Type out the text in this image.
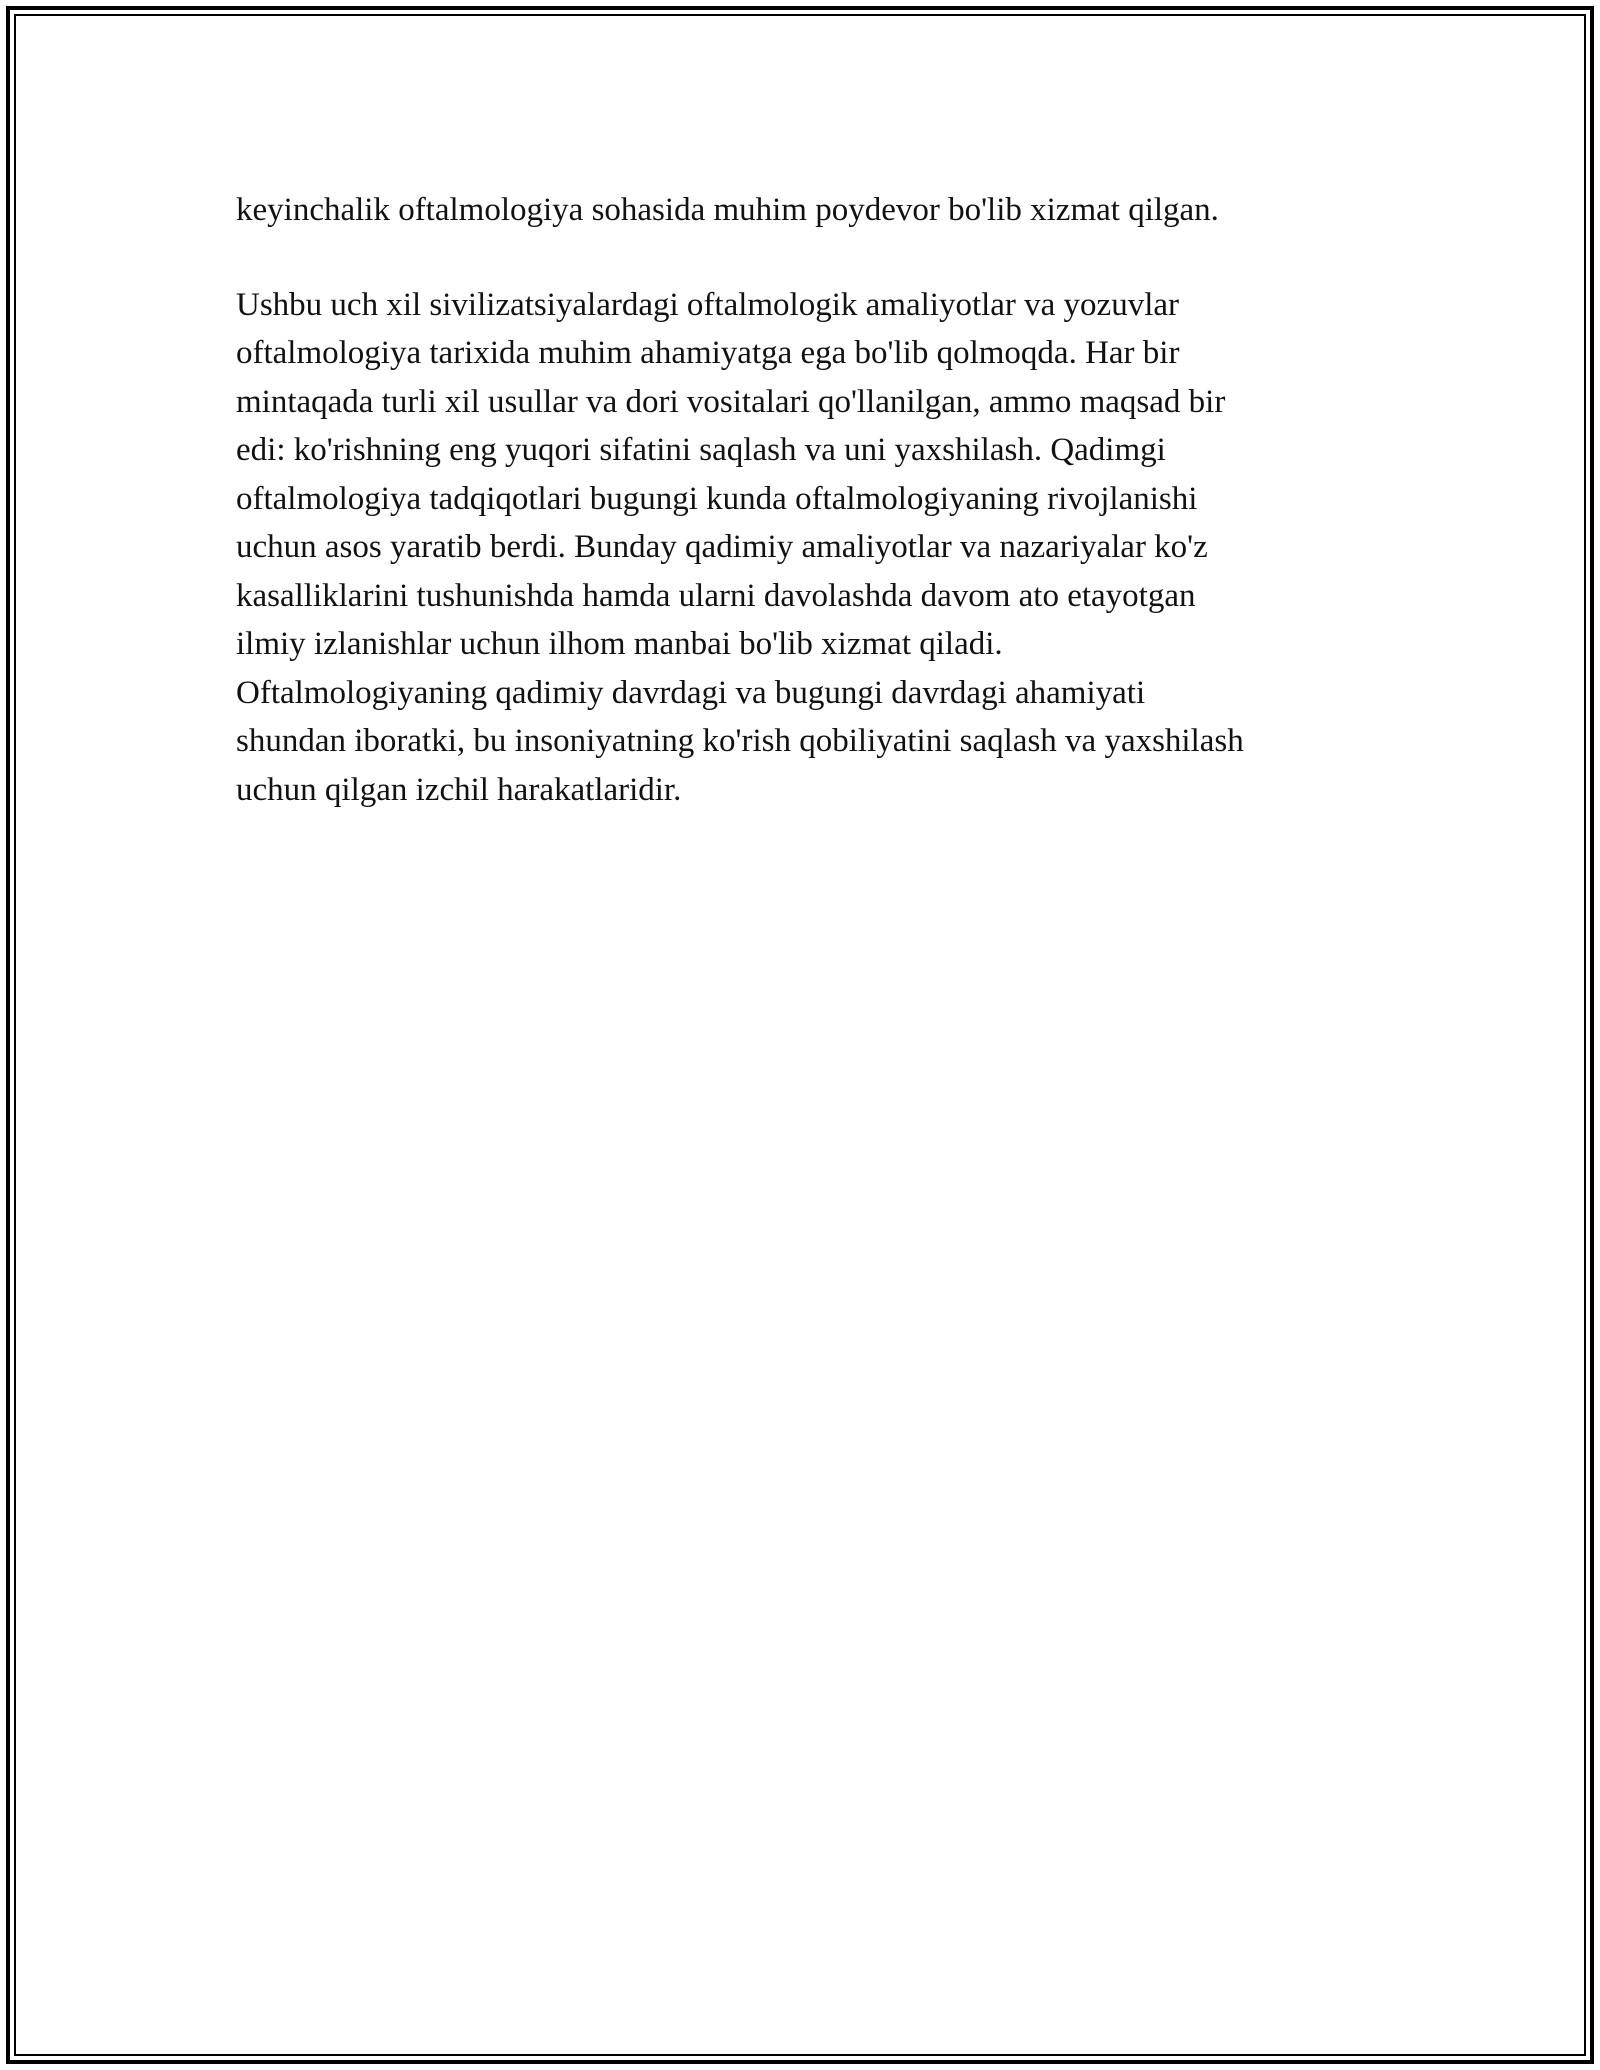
keyinchalik oftalmologiya sohasida muhim poydevor bo'lib xizmat qilgan.

Ushbu uch xil sivilizatsiyalardagi oftalmologik amaliyotlar va yozuvlar
oftalmologiya tarixida muhim ahamiyatga ega bo'lib qolmoqda. Har bir
mintaqada turli xil usullar va dori vositalari qo'llanilgan, ammo maqsad bir
edi: ko'rishning eng yuqori sifatini saqlash va uni yaxshilash. Qadimgi
oftalmologiya tadqiqotlari bugungi kunda oftalmologiyaning rivojlanishi
uchun asos yaratib berdi. Bunday qadimiy amaliyotlar va nazariyalar ko'z
kasalliklarini tushunishda hamda ularni davolashda davom ato etayotgan
ilmiy izlanishlar uchun ilhom manbai bo'lib xizmat qiladi.
Oftalmologiyaning qadimiy davrdagi va bugungi davrdagi ahamiyati
shundan iboratki, bu insoniyatning ko'rish qobiliyatini saqlash va yaxshilash
uchun qilgan izchil harakatlaridir.
